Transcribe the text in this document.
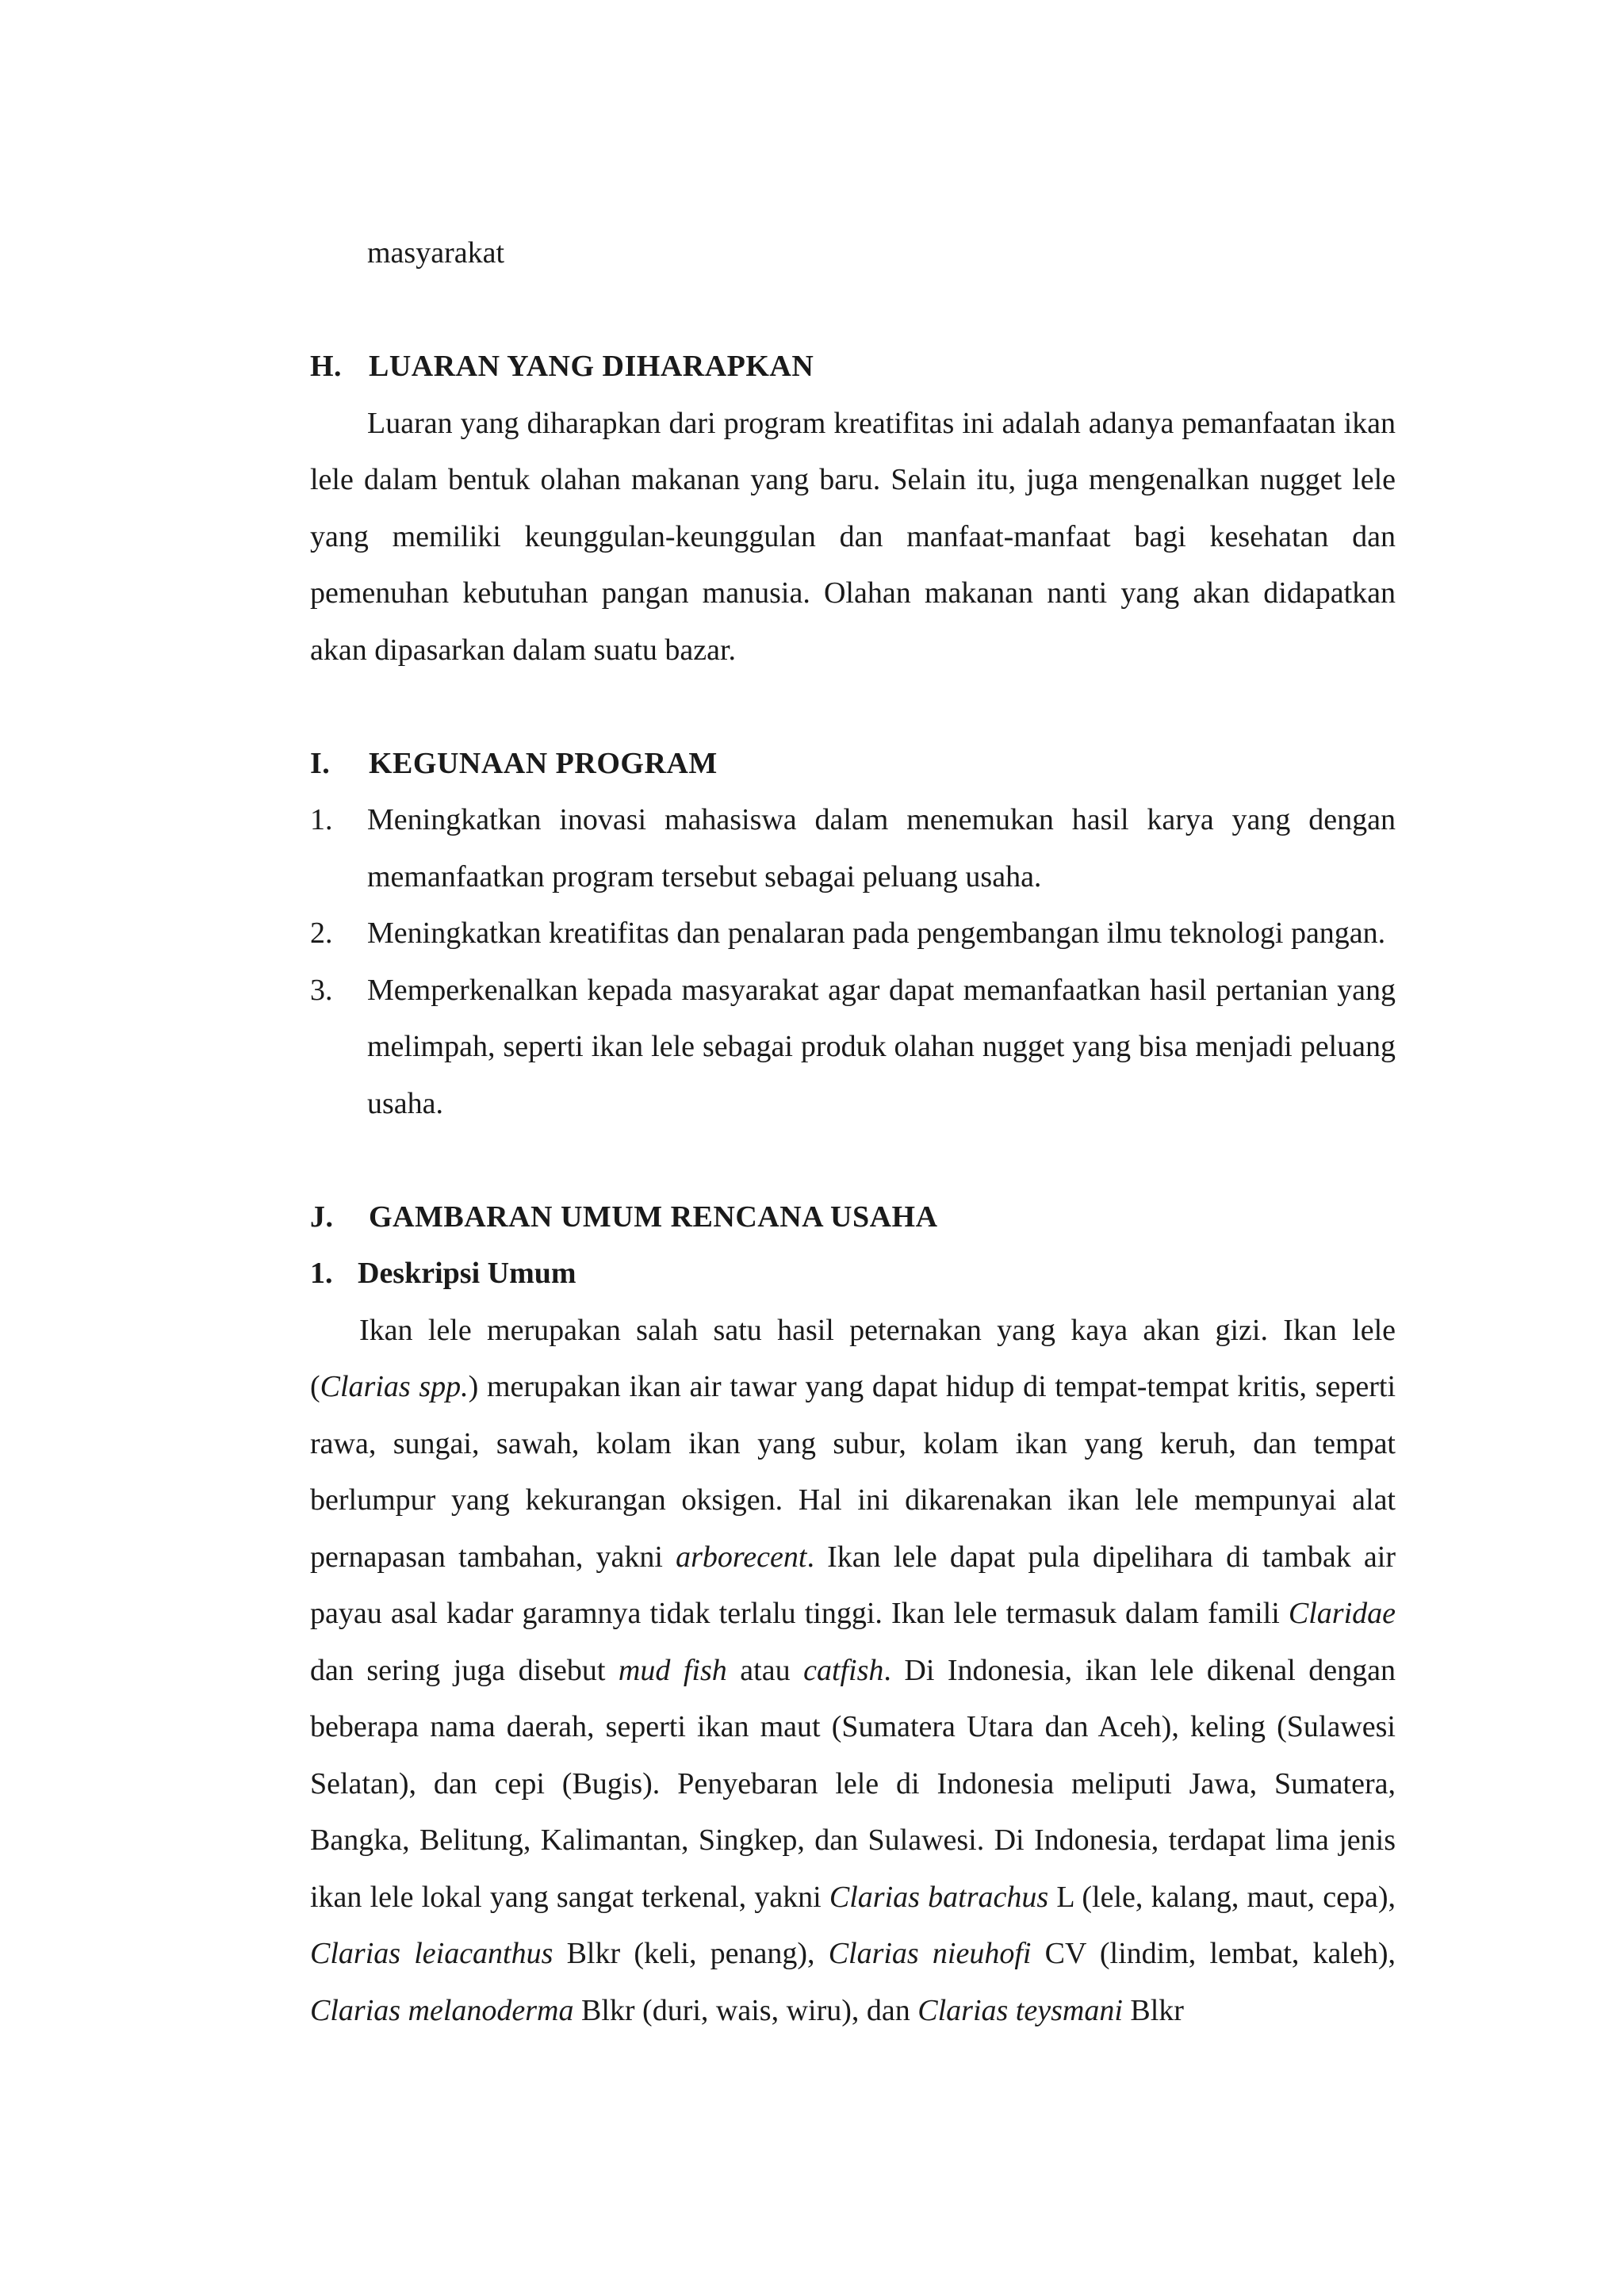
masyarakat
H. LUARAN YANG DIHARAPKAN
Luaran yang diharapkan dari program kreatifitas ini adalah adanya pemanfaatan ikan lele dalam bentuk olahan makanan yang baru. Selain itu, juga mengenalkan nugget lele yang memiliki keunggulan-keunggulan dan manfaat-manfaat bagi kesehatan dan pemenuhan kebutuhan pangan manusia. Olahan makanan nanti yang akan didapatkan akan dipasarkan dalam suatu bazar.
I.	KEGUNAAN PROGRAM
1.	Meningkatkan inovasi mahasiswa dalam menemukan hasil karya yang dengan memanfaatkan program tersebut sebagai peluang usaha.
2.	Meningkatkan kreatifitas dan penalaran pada pengembangan ilmu teknologi pangan.
3.	Memperkenalkan kepada masyarakat agar dapat memanfaatkan hasil pertanian yang melimpah, seperti ikan lele sebagai produk olahan nugget yang bisa menjadi peluang usaha.
J.	GAMBARAN UMUM RENCANA USAHA
1. Deskripsi Umum
Ikan lele merupakan salah satu hasil peternakan yang kaya akan gizi. Ikan lele (Clarias spp.) merupakan ikan air tawar yang dapat hidup di tempat-tempat kritis, seperti rawa, sungai, sawah, kolam ikan yang subur, kolam ikan yang keruh, dan tempat berlumpur yang kekurangan oksigen. Hal ini dikarenakan ikan lele mempunyai alat pernapasan tambahan, yakni arborecent. Ikan lele dapat pula dipelihara di tambak air payau asal kadar garamnya tidak terlalu tinggi. Ikan lele termasuk dalam famili Claridae dan sering juga disebut mud fish atau catfish. Di Indonesia, ikan lele dikenal dengan beberapa nama daerah, seperti ikan maut (Sumatera Utara dan Aceh), keling (Sulawesi Selatan), dan cepi (Bugis). Penyebaran lele di Indonesia meliputi Jawa, Sumatera, Bangka, Belitung, Kalimantan, Singkep, dan Sulawesi. Di Indonesia, terdapat lima jenis ikan lele lokal yang sangat terkenal, yakni Clarias batrachus L (lele, kalang, maut, cepa), Clarias leiacanthus Blkr (keli, penang), Clarias nieuhofi CV (lindim, lembat, kaleh), Clarias melanoderma Blkr (duri, wais, wiru), dan Clarias teysmani Blkr
